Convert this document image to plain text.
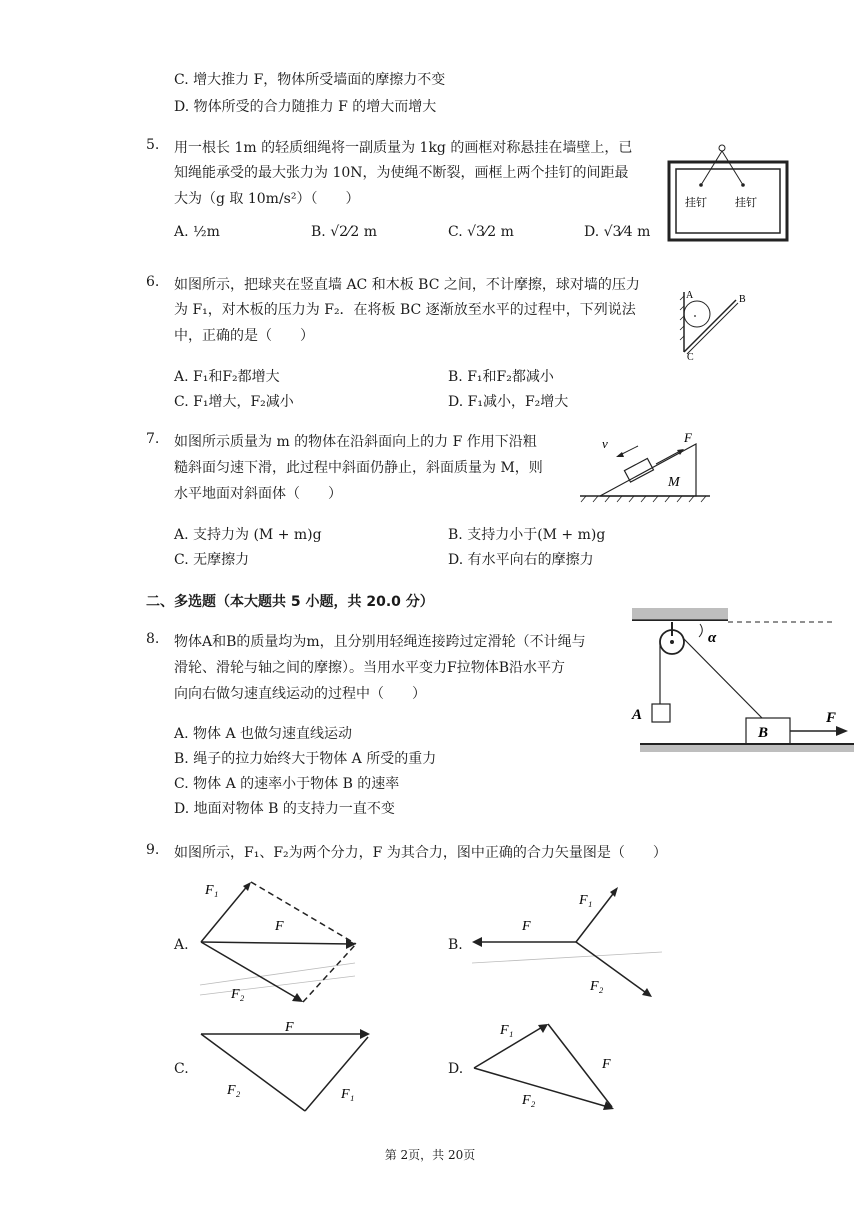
C. 增大推力 F，物体所受墙面的摩擦力不变
D. 物体所受的合力随推力 F 的增大而增大
5. 用一根长 1m 的轻质细绳将一副质量为 1kg 的画框对称悬挂在墙壁上，已
知绳能承受的最大张力为 10N，为使绳不断裂，画框上两个挂钉的间距最
大为（g 取 10m/s²）（　　）
A. ½m	B. √2⁄2 m	C. √3⁄2 m	D. √3⁄4 m
挂钉	挂钉
6. 如图所示，把球夹在竖直墙 AC 和木板 BC 之间，不计摩擦，球对墙的压力
为 F₁，对木板的压力为 F₂．在将板 BC 逐渐放至水平的过程中，下列说法
中，正确的是（　　）
A. F₁和F₂都增大	B. F₁和F₂都减小
C. F₁增大，F₂减小	D. F₁减小，F₂增大
A	B
C
7. 如图所示质量为 m 的物体在沿斜面向上的力 F 作用下沿粗
糙斜面匀速下滑，此过程中斜面仍静止，斜面质量为 M，则
水平地面对斜面体（　　）
A. 支持力为 (M + m)g	B. 支持力小于(M + m)g
C. 无摩擦力	D. 有水平向右的摩擦力
v	F
M
二、多选题（本大题共 5 小题，共 20.0 分）
8. 物体A和B的质量均为m，且分别用轻绳连接跨过定滑轮（不计绳与
滑轮、滑轮与轴之间的摩擦）。当用水平变力F拉物体B沿水平方
向向右做匀速直线运动的过程中（　　）
A. 物体 A 也做匀速直线运动
B. 绳子的拉力始终大于物体 A 所受的重力
C. 物体 A 的速率小于物体 B 的速率
D. 地面对物体 B 的支持力一直不变
α
A
B
F
9. 如图所示，F₁、F₂为两个分力，F 为其合力，图中正确的合力矢量图是（　　）
A.	B.
C.	D.
F₁
F
F₂
F
F₁
F₂
F
F₂	F₁
F₁
F
F₂
第 2页，共 20页
